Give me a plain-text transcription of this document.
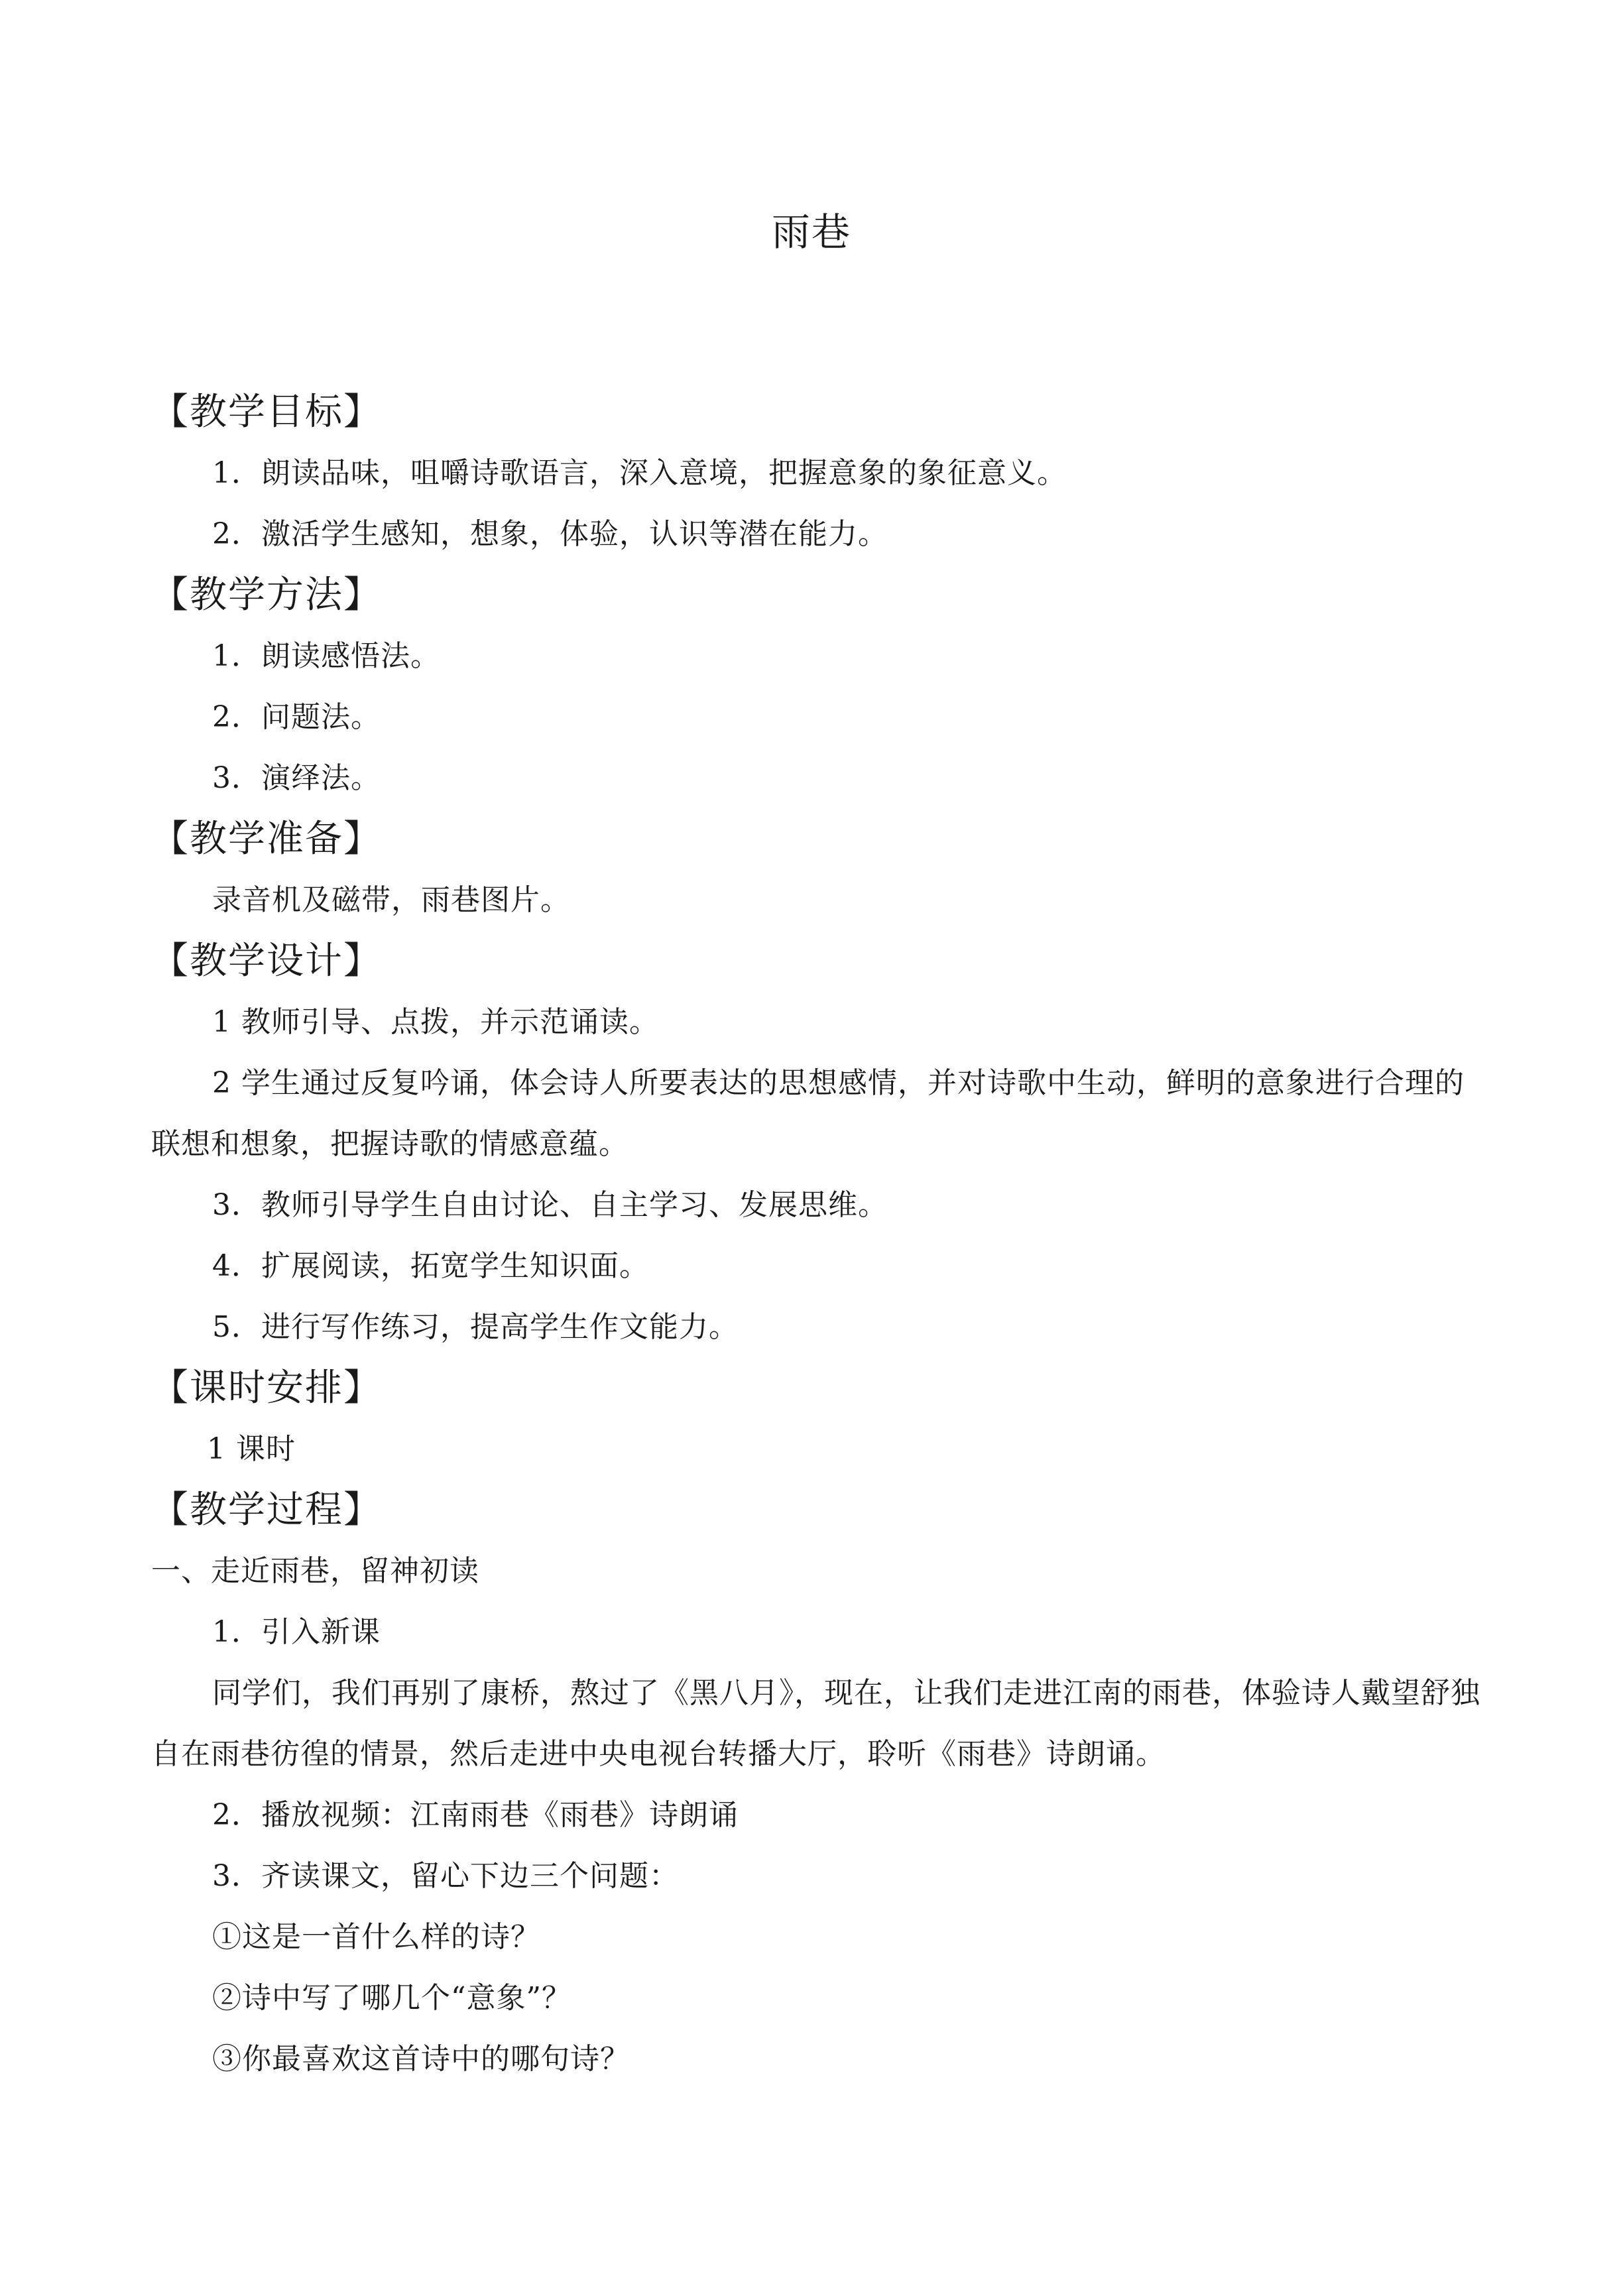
雨巷
【教学目标】
1．朗读品味，咀嚼诗歌语言，深入意境，把握意象的象征意义。
2．激活学生感知，想象，体验，认识等潜在能力。
【教学方法】
1．朗读感悟法。
2．问题法。
3．演绎法。
【教学准备】
录音机及磁带，雨巷图片。
【教学设计】
1 教师引导、点拨，并示范诵读。
2 学生通过反复吟诵，体会诗人所要表达的思想感情，并对诗歌中生动，鲜明的意象进行合理的联想和想象，把握诗歌的情感意蕴。
3．教师引导学生自由讨论、自主学习、发展思维。
4．扩展阅读，拓宽学生知识面。
5．进行写作练习，提高学生作文能力。
【课时安排】
1 课时
【教学过程】
一、走近雨巷，留神初读
1．引入新课
同学们，我们再别了康桥，熬过了《黑八月》，现在，让我们走进江南的雨巷，体验诗人戴望舒独自在雨巷彷徨的情景，然后走进中央电视台转播大厅，聆听《雨巷》诗朗诵。
2．播放视频：江南雨巷《雨巷》诗朗诵
3．齐读课文，留心下边三个问题：
①这是一首什么样的诗？
②诗中写了哪几个“意象”？
③你最喜欢这首诗中的哪句诗？
